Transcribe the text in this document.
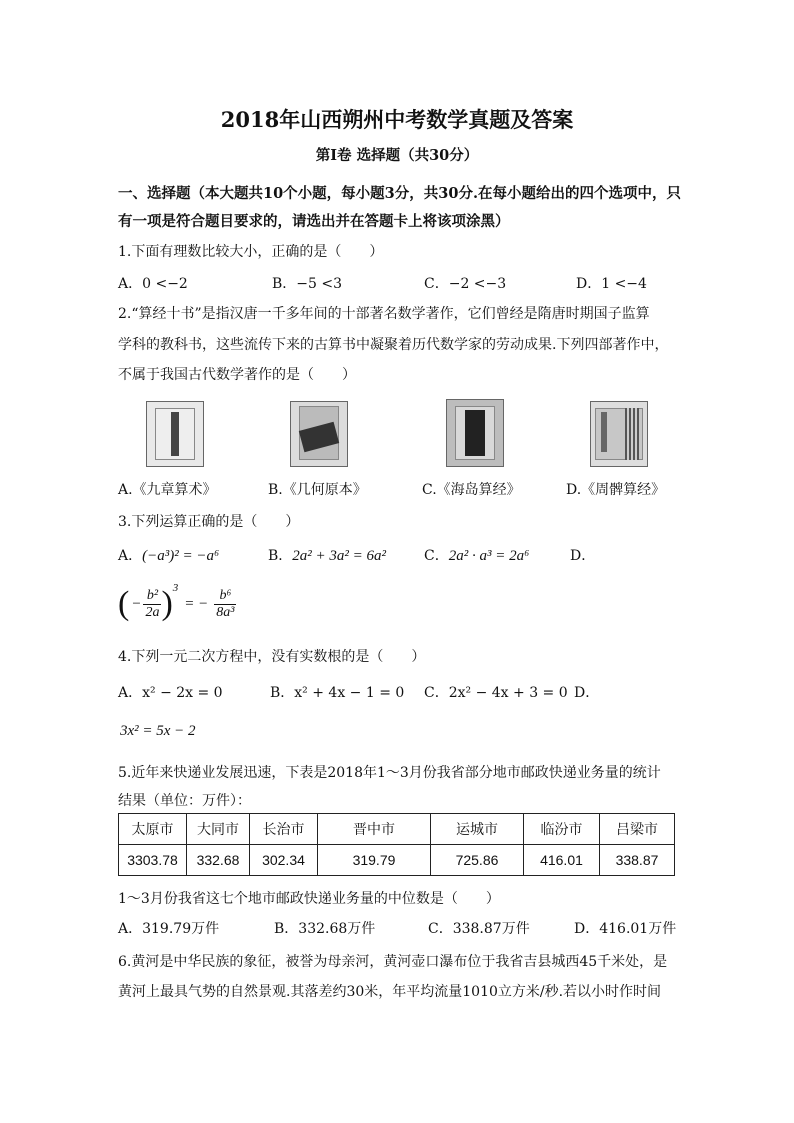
2018年山西朔州中考数学真题及答案
第Ⅰ卷 选择题（共30分）
一、选择题（本大题共10个小题，每小题3分，共30分.在每小题给出的四个选项中，只
有一项是符合题目要求的，请选出并在答题卡上将该项涂黑）
1.下面有理数比较大小，正确的是（　　）
A．0 <−2	B．−5 <3	C．−2 <−3	D．1 <−4
2.“算经十书”是指汉唐一千多年间的十部著名数学著作，它们曾经是隋唐时期国子监算
学科的教科书，这些流传下来的古算书中凝聚着历代数学家的劳动成果.下列四部著作中，
不属于我国古代数学著作的是（　　）
A.《九章算术》	B.《几何原本》	C.《海岛算经》	D.《周髀算经》
3.下列运算正确的是（　　）
A．(−a³)² = −a⁶	B．2a² + 3a² = 6a²	C．2a² · a³ = 2a⁶	D．
( − $\frac{\text{b²}}{2a}$ ) 3
= − $\frac{\text{b⁶}}{\text{8a³}}$
4.下列一元二次方程中，没有实数根的是（　　）
A．x² − 2x = 0	B．x² + 4x − 1 = 0 C．2x² − 4x + 3 = 0 D．
3x² = 5x − 2
5.近年来快递业发展迅速，下表是2018年1～3月份我省部分地市邮政快递业务量的统计
结果（单位：万件）：
太原市	大同市	长治市	晋中市	运城市	临汾市	吕梁市
3303.78	332.68	302.34	319.79	725.86	416.01	338.87
1～3月份我省这七个地市邮政快递业务量的中位数是（　　）
A．319.79万件	B．332.68万件	C．338.87万件	D．416.01万件
6.黄河是中华民族的象征，被誉为母亲河，黄河壶口瀑布位于我省吉县城西45千米处，是
黄河上最具气势的自然景观.其落差约30米，年平均流量1010立方米/秒.若以小时作时间
